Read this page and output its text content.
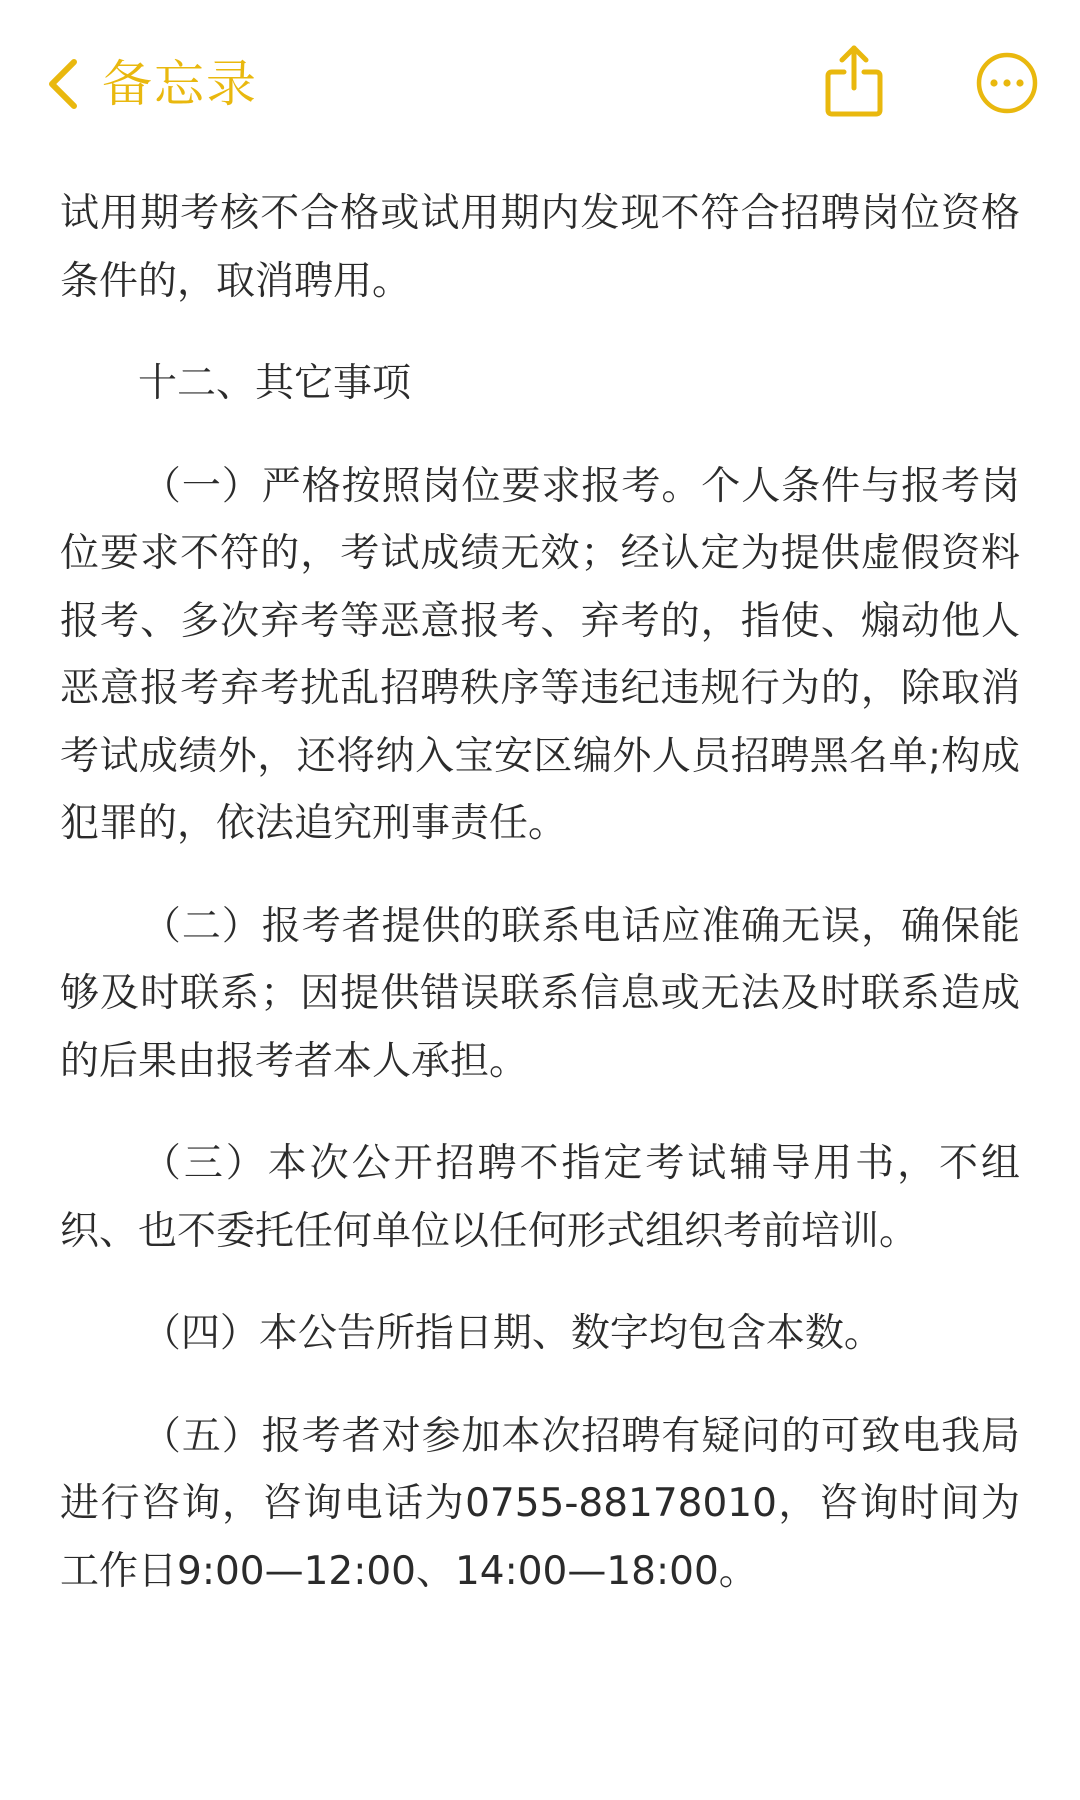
备忘录

试用期考核不合格或试用期内发现不符合招聘岗位资格条件的，取消聘用。

十二、其它事项

（一）严格按照岗位要求报考。个人条件与报考岗位要求不符的，考试成绩无效；经认定为提供虚假资料报考、多次弃考等恶意报考、弃考的，指使、煽动他人恶意报考弃考扰乱招聘秩序等违纪违规行为的，除取消考试成绩外，还将纳入宝安区编外人员招聘黑名单;构成犯罪的，依法追究刑事责任。

（二）报考者提供的联系电话应准确无误，确保能够及时联系；因提供错误联系信息或无法及时联系造成的后果由报考者本人承担。

（三）本次公开招聘不指定考试辅导用书，不组织、也不委托任何单位以任何形式组织考前培训。

（四）本公告所指日期、数字均包含本数。

（五）报考者对参加本次招聘有疑问的可致电我局进行咨询，咨询电话为0755-88178010，咨询时间为工作日9:00—12:00、14:00—18:00。
